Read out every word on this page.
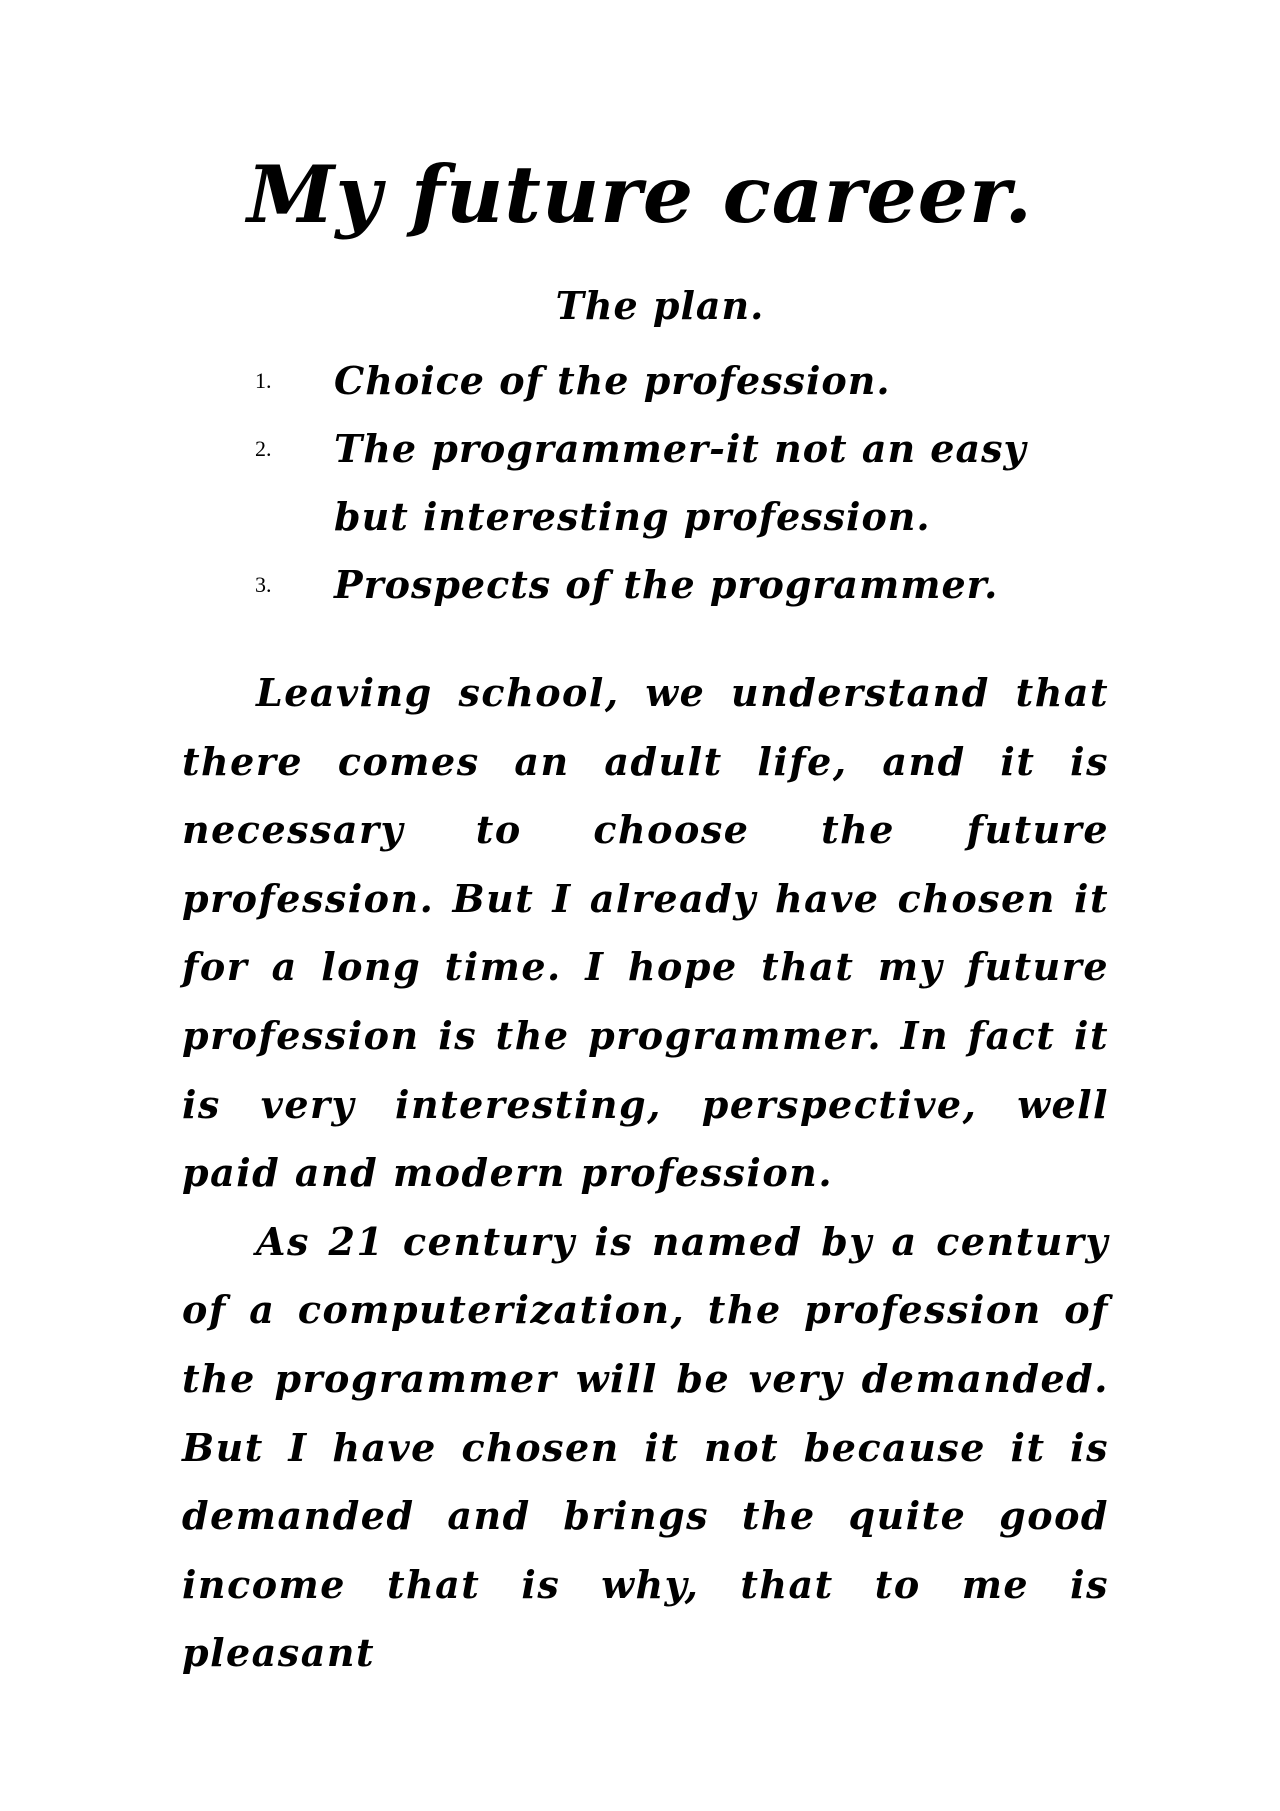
My future career.
The plan.
1. Choice of the profession.
2. The programmer-it not an easy but interesting profession.
3. Prospects of the programmer.

Leaving school, we understand that there comes an adult life, and it is necessary to choose the future profession. But I already have chosen it for a long time. I hope that my future profession is the programmer. In fact it is very interesting, perspective, well paid and modern profession.

As 21 century is named by a century of a computerization, the profession of the programmer will be very demanded. But I have chosen it not because it is demanded and brings the quite good income that is why, that to me is pleasant
